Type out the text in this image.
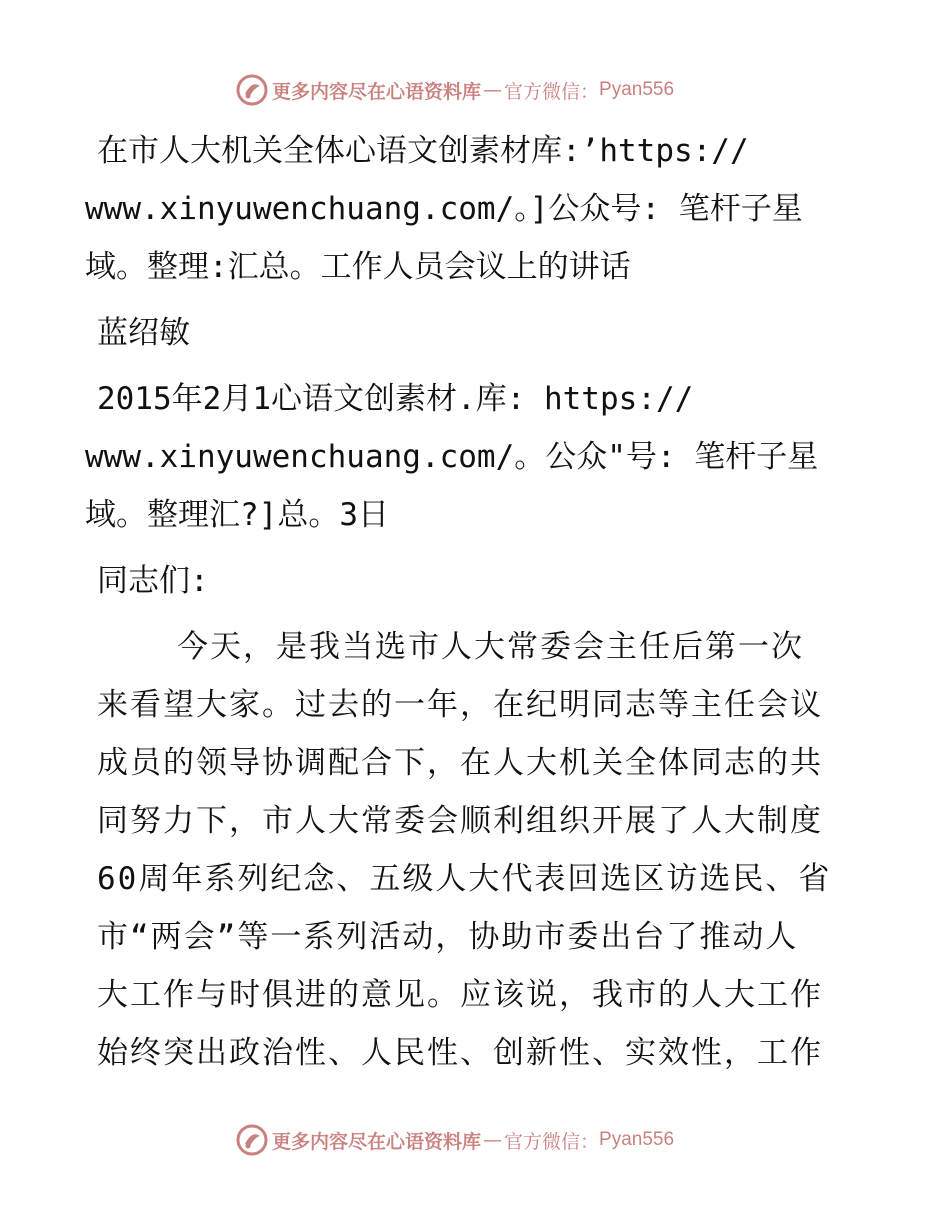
更多内容尽在心语资料库 — 官方微信： Pyan556

在市人大机关全体心语文创素材库:’https://
www.xinyuwenchuang.com/。]公众号: 笔杆子星
域。整理:汇总。工作人员会议上的讲话

蓝绍敏

2015年2月1心语文创素材.库: https://
www.xinyuwenchuang.com/。公众"号: 笔杆子星
域。整理汇?]总。3日

同志们:

今天，是我当选市人大常委会主任后第一次
来看望大家。过去的一年，在纪明同志等主任会议
成员的领导协调配合下，在人大机关全体同志的共
同努力下，市人大常委会顺利组织开展了人大制度
60周年系列纪念、五级人大代表回选区访选民、省
市“两会”等一系列活动，协助市委出台了推动人
大工作与时俱进的意见。应该说，我市的人大工作
始终突出政治性、人民性、创新性、实效性，工作

更多内容尽在心语资料库 — 官方微信： Pyan556
